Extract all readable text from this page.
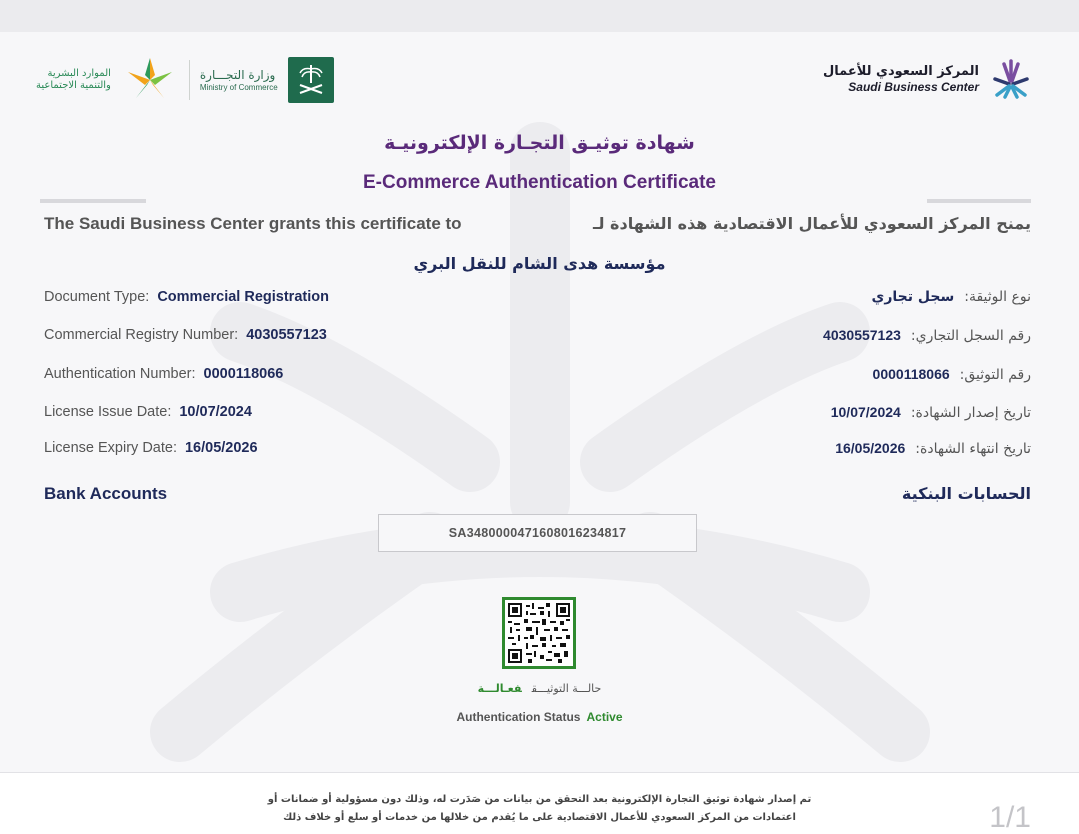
الموارد البشرية
والتنمية الاجتماعية
وزارة التجـــارة
Ministry of Commerce
المركز السعودي للأعمال
Saudi Business Center
شهادة توثيـق التجـارة الإلكترونيـة
E-Commerce Authentication Certificate
The Saudi Business Center grants this certificate to	يمنح المركز السعودي للأعمال الاقتصادية هذه الشهادة لـ
مؤسسة هدى الشام للنقل البري
Document Type: Commercial Registration
Commercial Registry Number: 4030557123
Authentication Number: 0000118066
License Issue Date: 10/07/2024
License Expiry Date: 16/05/2026
نوع الوثيقة:سجل تجاري
رقم السجل التجاري:4030557123
رقم التوثيق:0000118066
تاريخ إصدار الشهادة:10/07/2024
تاريخ انتهاء الشهادة:16/05/2026
Bank Accounts	الحسابات البنكية
SA3480000471608016234817
حالـــة التوثيـــقفعـالـــة
Authentication Status Active
تم إصدار شهادة توثيق التجارة الإلكترونية بعد التحقق من بيانات من صَدَرت له، وذلك دون مسؤولية أو ضمانات أو
اعتمادات من المركز السعودي للأعمال الاقتصادية على ما يُقدم من خلالها من خدمات أو سلع أو خلاف ذلك	1/1
